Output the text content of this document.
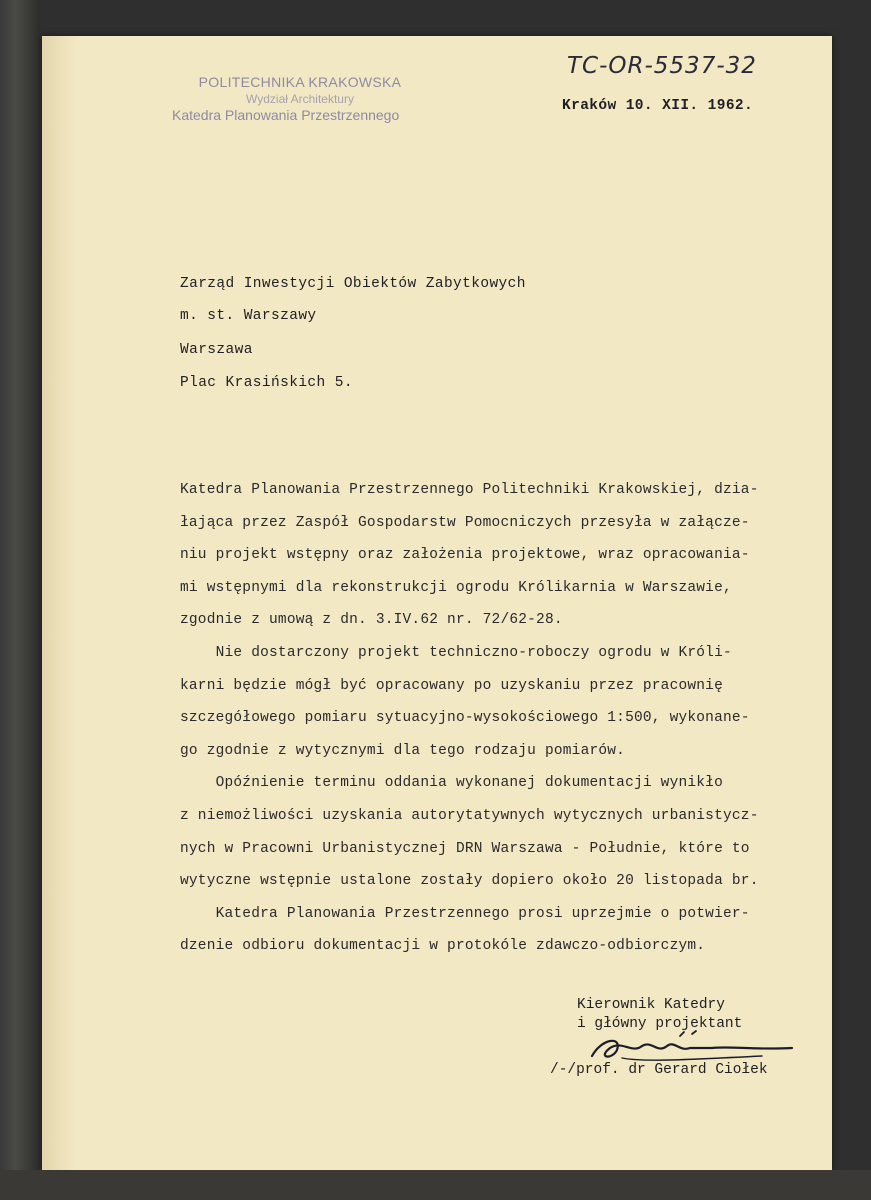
POLITECHNIKA KRAKOWSKA
Wydział Architektury
Katedra Planowania Przestrzennego
TC-OR-5537-32
Kraków 10. XII. 1962.
Zarząd Inwestycji Obiektów Zabytkowych
m. st. Warszawy
Warszawa
Plac Krasińskich 5.
Katedra Planowania Przestrzennego Politechniki Krakowskiej, dzia-
łająca przez Zaspół Gospodarstw Pomocniczych przesyła w załącze-
niu projekt wstępny oraz założenia projektowe, wraz opracowania-
mi wstępnymi dla rekonstrukcji ogrodu Królikarnia w Warszawie,
zgodnie z umową z dn. 3.IV.62 nr. 72/62-28.
Nie dostarczony projekt techniczno-roboczy ogrodu w Króli-
karni będzie mógł być opracowany po uzyskaniu przez pracownię
szczegółowego pomiaru sytuacyjno-wysokościowego 1:500, wykonane-
go zgodnie z wytycznymi dla tego rodzaju pomiarów.
Opóźnienie terminu oddania wykonanej dokumentacji wynikło
z niemożliwości uzyskania autorytatywnych wytycznych urbanistycz-
nych w Pracowni Urbanistycznej DRN Warszawa - Południe, które to
wytyczne wstępnie ustalone zostały dopiero około 20 listopada br.
Katedra Planowania Przestrzennego prosi uprzejmie o potwier-
dzenie odbioru dokumentacji w protokóle zdawczo-odbiorczym.
Kierownik Katedry
i główny projektant
/-/prof. dr Gerard Ciołek
